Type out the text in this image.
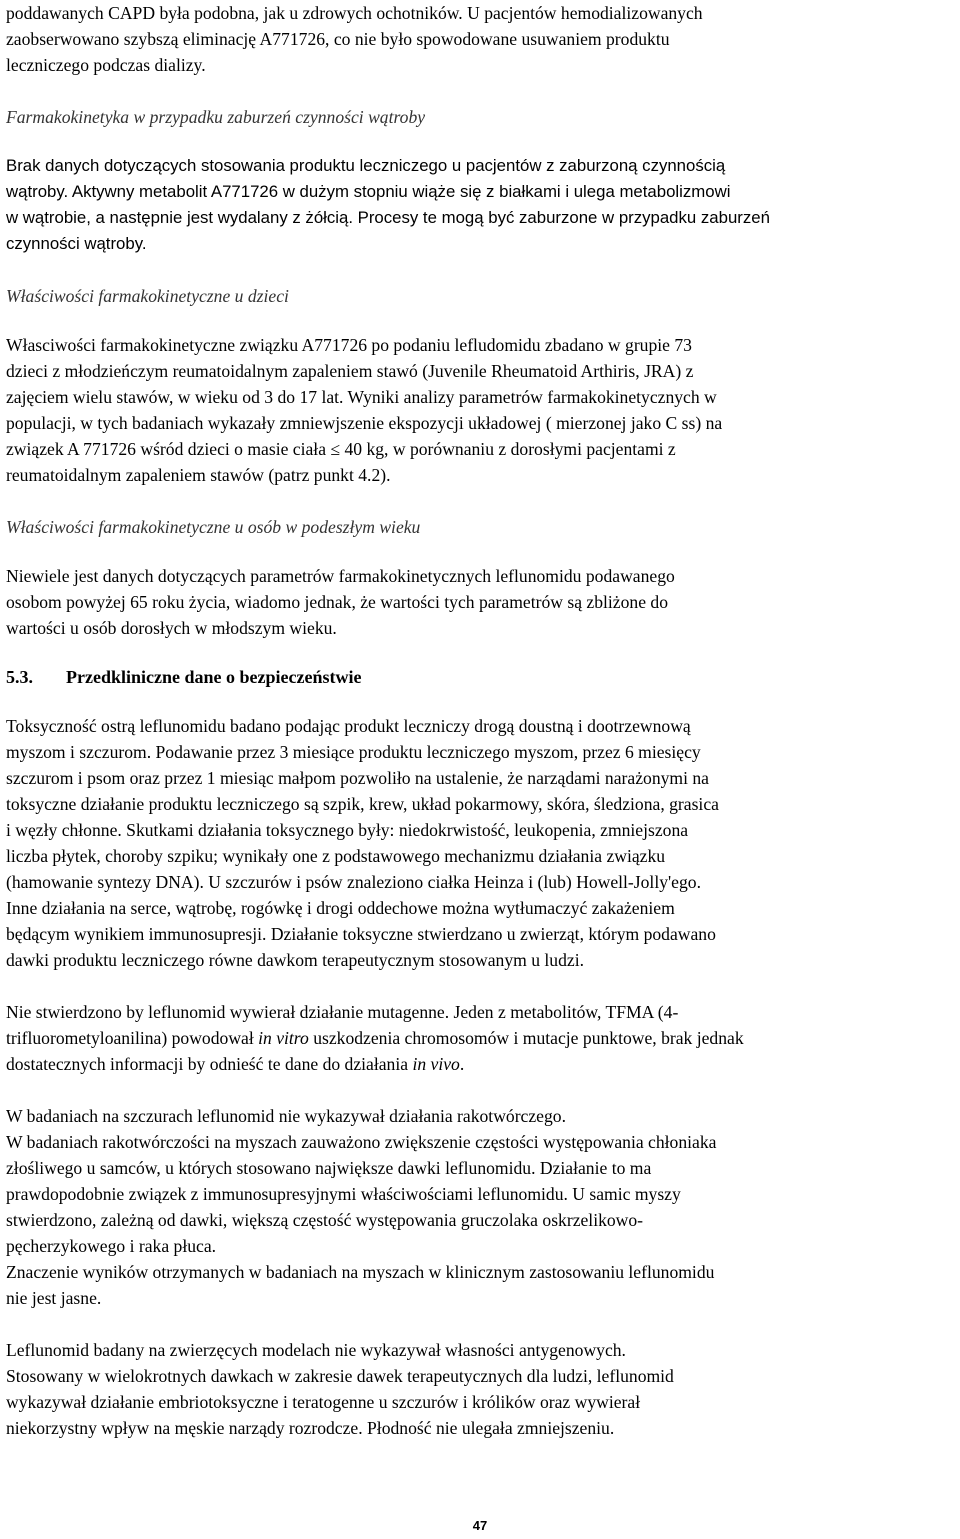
poddawanych CAPD była podobna, jak u zdrowych ochotników. U pacjentów hemodializowanych
zaobserwowano szybszą eliminację A771726, co nie było spowodowane usuwaniem produktu
leczniczego podczas dializy.
Farmakokinetyka w przypadku zaburzeń czynności wątroby
Brak danych dotyczących stosowania produktu leczniczego u pacjentów z zaburzoną czynnością
wątroby. Aktywny metabolit A771726 w dużym stopniu wiąże się z białkami i ulega metabolizmowi
w wątrobie, a następnie jest wydalany z żółcią. Procesy te mogą być zaburzone w przypadku zaburzeń
czynności wątroby.
Właściwości farmakokinetyczne u dzieci
Własciwości farmakokinetyczne związku A771726 po podaniu lefludomidu zbadano w grupie 73
dzieci z młodzieńczym reumatoidalnym zapaleniem stawó (Juvenile Rheumatoid Arthiris, JRA) z
zajęciem wielu stawów, w wieku od 3 do 17 lat. Wyniki analizy parametrów farmakokinetycznych w
populacji, w tych badaniach wykazały zmniewjszenie ekspozycji układowej ( mierzonej jako C ss) na
związek A 771726 wśród dzieci o masie ciała ≤ 40 kg, w porównaniu z dorosłymi pacjentami z
reumatoidalnym zapaleniem stawów (patrz punkt 4.2).
Właściwości farmakokinetyczne u osób w podeszłym wieku
Niewiele jest danych dotyczących parametrów farmakokinetycznych leflunomidu podawanego
osobom powyżej 65 roku życia, wiadomo jednak, że wartości tych parametrów są zbliżone do
wartości u osób dorosłych w młodszym wieku.
5.3. Przedkliniczne dane o bezpieczeństwie
Toksyczność ostrą leflunomidu badano podając produkt leczniczy drogą doustną i dootrzewnową
myszom i szczurom. Podawanie przez 3 miesiące produktu leczniczego myszom, przez 6 miesięcy
szczurom i psom oraz przez 1 miesiąc małpom pozwoliło na ustalenie, że narządami narażonymi na
toksyczne działanie produktu leczniczego są szpik, krew, układ pokarmowy, skóra, śledziona, grasica
i węzły chłonne. Skutkami działania toksycznego były: niedokrwistość, leukopenia, zmniejszona
liczba płytek, choroby szpiku; wynikały one z podstawowego mechanizmu działania związku
(hamowanie syntezy DNA). U szczurów i psów znaleziono ciałka Heinza i (lub) Howell-Jolly'ego.
Inne działania na serce, wątrobę, rogówkę i drogi oddechowe można wytłumaczyć zakażeniem
będącym wynikiem immunosupresji. Działanie toksyczne stwierdzano u zwierząt, którym podawano
dawki produktu leczniczego równe dawkom terapeutycznym stosowanym u ludzi.
Nie stwierdzono by leflunomid wywierał działanie mutagenne. Jeden z metabolitów, TFMA (4-
trifluorometyloanilina) powodował in vitro uszkodzenia chromosomów i mutacje punktowe, brak jednak
dostatecznych informacji by odnieść te dane do działania in vivo.
W badaniach na szczurach leflunomid nie wykazywał działania rakotwórczego.
W badaniach rakotwórczości na myszach zauważono zwiększenie częstości występowania chłoniaka
złośliwego u samców, u których stosowano największe dawki leflunomidu. Działanie to ma
prawdopodobnie związek z immunosupresyjnymi właściwościami leflunomidu. U samic myszy
stwierdzono, zależną od dawki, większą częstość występowania gruczolaka oskrzelikowo-
pęcherzykowego i raka płuca.
Znaczenie wyników otrzymanych w badaniach na myszach w klinicznym zastosowaniu leflunomidu
nie jest jasne.
Leflunomid badany na zwierzęcych modelach nie wykazywał własności antygenowych.
Stosowany w wielokrotnych dawkach w zakresie dawek terapeutycznych dla ludzi, leflunomid
wykazywał działanie embriotoksyczne i teratogenne u szczurów i królików oraz wywierał
niekorzystny wpływ na męskie narządy rozrodcze. Płodność nie ulegała zmniejszeniu.
47
